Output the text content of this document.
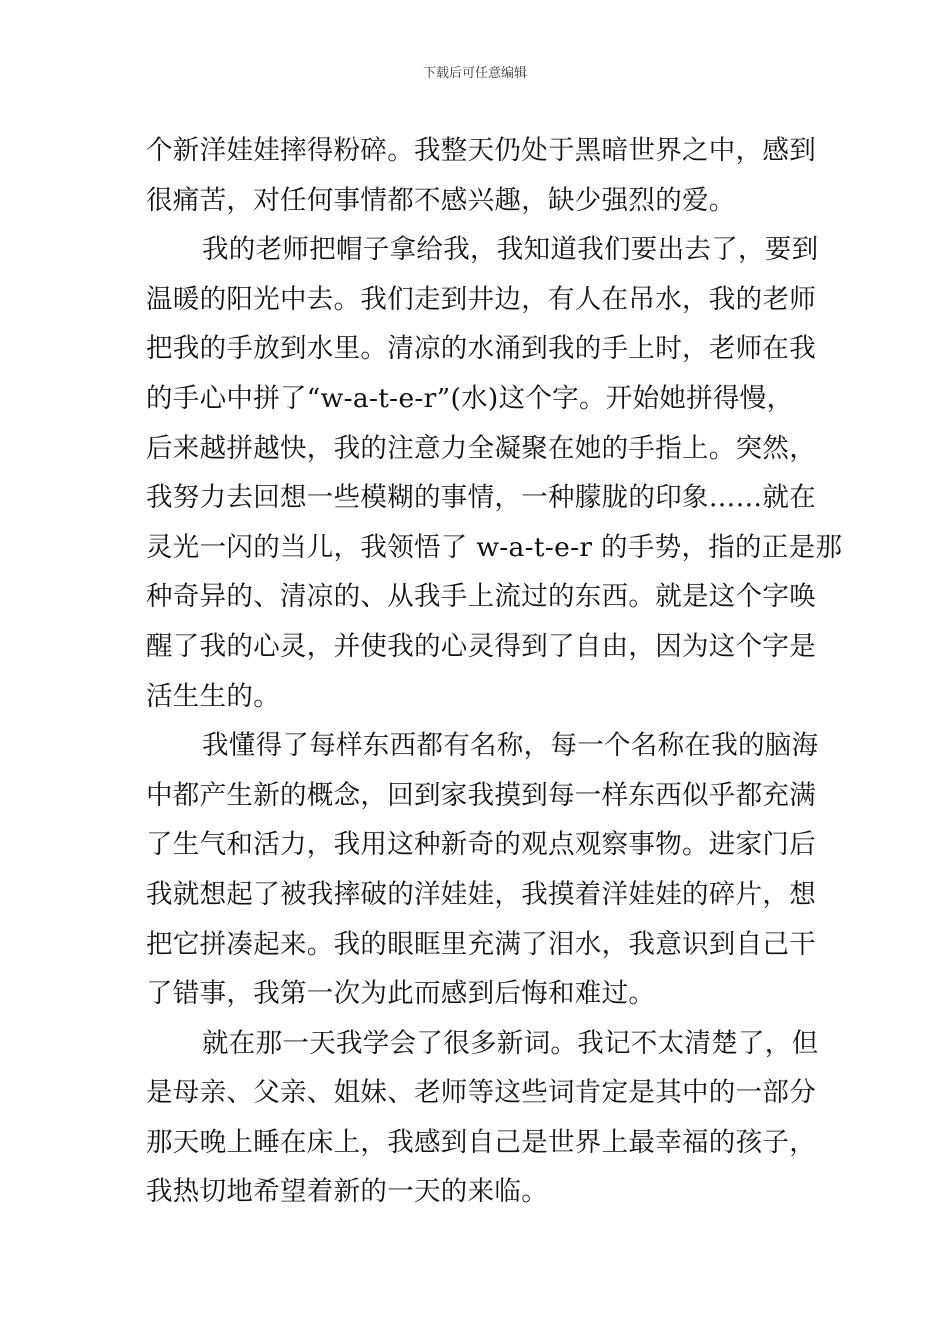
下载后可任意编辑
个新洋娃娃摔得粉碎。我整天仍处于黑暗世界之中，感到
很痛苦，对任何事情都不感兴趣，缺少强烈的爱。
我的老师把帽子拿给我，我知道我们要出去了，要到
温暖的阳光中去。我们走到井边，有人在吊水，我的老师
把我的手放到水里。清凉的水涌到我的手上时，老师在我
的手心中拼了“w-a-t-e-r”(水)这个字。开始她拼得慢，
后来越拼越快，我的注意力全凝聚在她的手指上。突然，
我努力去回想一些模糊的事情，一种朦胧的印象……就在
灵光一闪的当儿，我领悟了 w-a-t-e-r 的手势，指的正是那
种奇异的、清凉的、从我手上流过的东西。就是这个字唤
醒了我的心灵，并使我的心灵得到了自由，因为这个字是
活生生的。
我懂得了每样东西都有名称，每一个名称在我的脑海
中都产生新的概念，回到家我摸到每一样东西似乎都充满
了生气和活力，我用这种新奇的观点观察事物。进家门后
我就想起了被我摔破的洋娃娃，我摸着洋娃娃的碎片，想
把它拼凑起来。我的眼眶里充满了泪水，我意识到自己干
了错事，我第一次为此而感到后悔和难过。
就在那一天我学会了很多新词。我记不太清楚了，但
是母亲、父亲、姐妹、老师等这些词肯定是其中的一部分
那天晚上睡在床上，我感到自己是世界上最幸福的孩子，
我热切地希望着新的一天的来临。
